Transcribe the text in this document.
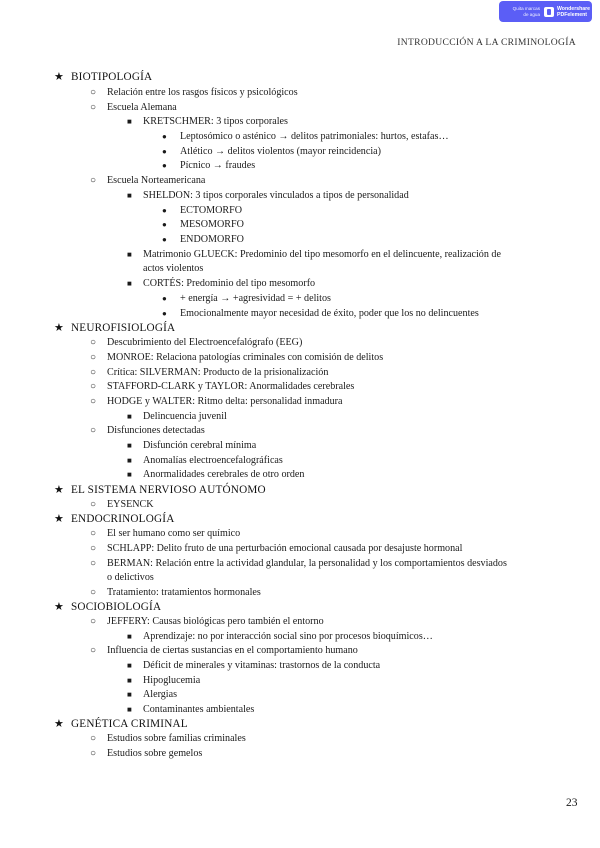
Quita marcas
de agua
Wondershare
PDFelement
INTRODUCCIÓN A LA CRIMINOLOGÍA
★ BIOTIPOLOGÍA
○ Relación entre los rasgos físicos y psicológicos
○ Escuela Alemana
■ KRETSCHMER: 3 tipos corporales
● Leptosómico o asténico → delitos patrimoniales: hurtos, estafas…
● Atlético → delitos violentos (mayor reincidencia)
● Pícnico → fraudes
○ Escuela Norteamericana
■ SHELDON: 3 tipos corporales vinculados a tipos de personalidad
● ECTOMORFO
● MESOMORFO
● ENDOMORFO
■ Matrimonio GLUECK: Predominio del tipo mesomorfo en el delincuente, realización de
actos violentos
■ CORTÉS: Predominio del tipo mesomorfo
● + energía → +agresividad = + delitos
● Emocionalmente mayor necesidad de éxito, poder que los no delincuentes
★ NEUROFISIOLOGÍA
○ Descubrimiento del Electroencefalógrafo (EEG)
○ MONROE: Relaciona patologías criminales con comisión de delitos
○ Crítica: SILVERMAN: Producto de la prisionalización
○ STAFFORD-CLARK y TAYLOR: Anormalidades cerebrales
○ HODGE y WALTER: Ritmo delta: personalidad inmadura
■ Delincuencia juvenil
○ Disfunciones detectadas
■ Disfunción cerebral mínima
■ Anomalías electroencefalográficas
■ Anormalidades cerebrales de otro orden
★ EL SISTEMA NERVIOSO AUTÓNOMO
○ EYSENCK
★ ENDOCRINOLOGÍA
○ El ser humano como ser químico
○ SCHLAPP: Delito fruto de una perturbación emocional causada por desajuste hormonal
○ BERMAN: Relación entre la actividad glandular, la personalidad y los comportamientos desviados
o delictivos
○ Tratamiento: tratamientos hormonales
★ SOCIOBIOLOGÍA
○ JEFFERY: Causas biológicas pero también el entorno
■ Aprendizaje: no por interacción social sino por procesos bioquímicos…
○ Influencia de ciertas sustancias en el comportamiento humano
■ Déficit de minerales y vitaminas: trastornos de la conducta
■ Hipoglucemia
■ Alergias
■ Contaminantes ambientales
★ GENÉTICA CRIMINAL
○ Estudios sobre familias criminales
○ Estudios sobre gemelos
23
